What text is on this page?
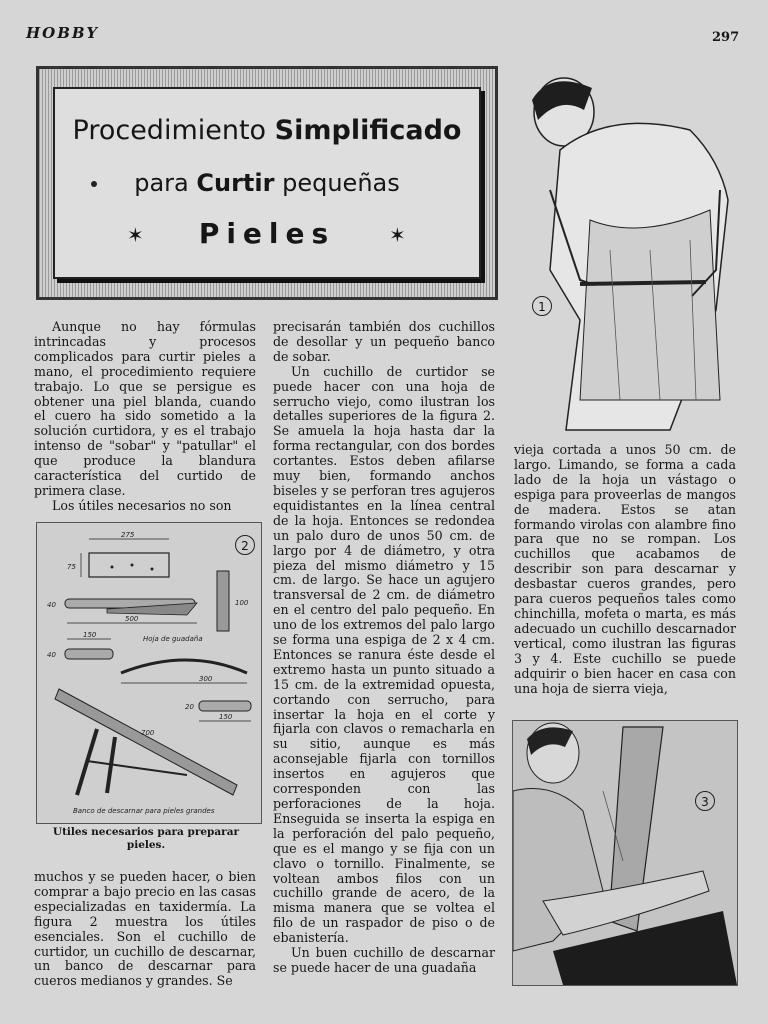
HOBBY	297
Procedimiento Simplificado
para Curtir pequeñas
✶	Pieles	✶

Aunque no hay fórmulas intrincadas y procesos complicados para curtir pieles a mano, el procedimiento requiere trabajo. Lo que se persigue es obtener una piel blanda, cuando el cuero ha sido sometido a la solución curtidora, y es el trabajo intenso de "sobar" y "patullar" el que produce la blandura característica del curtido de primera clase.

Los útiles necesarios no son

275
75
40
500
100
150	Hoja de guadaña
40
300
20
150
700
Banco de descarnar para pieles grandes
2
Utiles necesarios para preparar pieles.

muchos y se pueden hacer, o bien comprar a bajo precio en las casas especializadas en taxidermía. La figura 2 muestra los útiles esenciales. Son el cuchillo de curtidor, un cuchillo de descarnar, un banco de descarnar para cueros medianos y grandes. Se

precisarán también dos cuchillos de desollar y un pequeño banco de sobar.

Un cuchillo de curtidor se puede hacer con una hoja de serrucho viejo, como ilustran los detalles superiores de la figura 2. Se amuela la hoja hasta dar la forma rectangular, con dos bordes cortantes. Estos deben afilarse muy bien, formando anchos biseles y se perforan tres agujeros equidistantes en la línea central de la hoja. Entonces se redondea un palo duro de unos 50 cm. de largo por 4 de diámetro, y otra pieza del mismo diámetro y 15 cm. de largo. Se hace un agujero transversal de 2 cm. de diámetro en el centro del palo pequeño. En uno de los extremos del palo largo se forma una espiga de 2 x 4 cm. Entonces se ranura éste desde el extremo hasta un punto situado a 15 cm. de la extremidad opuesta, cortando con serrucho, para insertar la hoja en el corte y fijarla con clavos o remacharla en su sitio, aunque es más aconsejable fijarla con tornillos insertos en agujeros que corresponden con las perforaciones de la hoja. Enseguida se inserta la espiga en la perforación del palo pequeño, que es el mango y se fija con un clavo o tornillo. Finalmente, se voltean ambos filos con un cuchillo grande de acero, de la misma manera que se voltea el filo de un raspador de piso o de ebanistería.

Un buen cuchillo de descarnar se puede hacer de una guadaña

1

vieja cortada a unos 50 cm. de largo. Limando, se forma a cada lado de la hoja un vástago o espiga para proveerlas de mangos de madera. Estos se atan formando virolas con alambre fino para que no se rompan. Los cuchillos que acabamos de describir son para descarnar y desbastar cueros grandes, pero para cueros pequeños tales como chinchilla, mofeta o marta, es más adecuado un cuchillo descarnador vertical, como ilustran las figuras 3 y 4. Este cuchillo se puede adquirir o bien hacer en casa con una hoja de sierra vieja,

3
